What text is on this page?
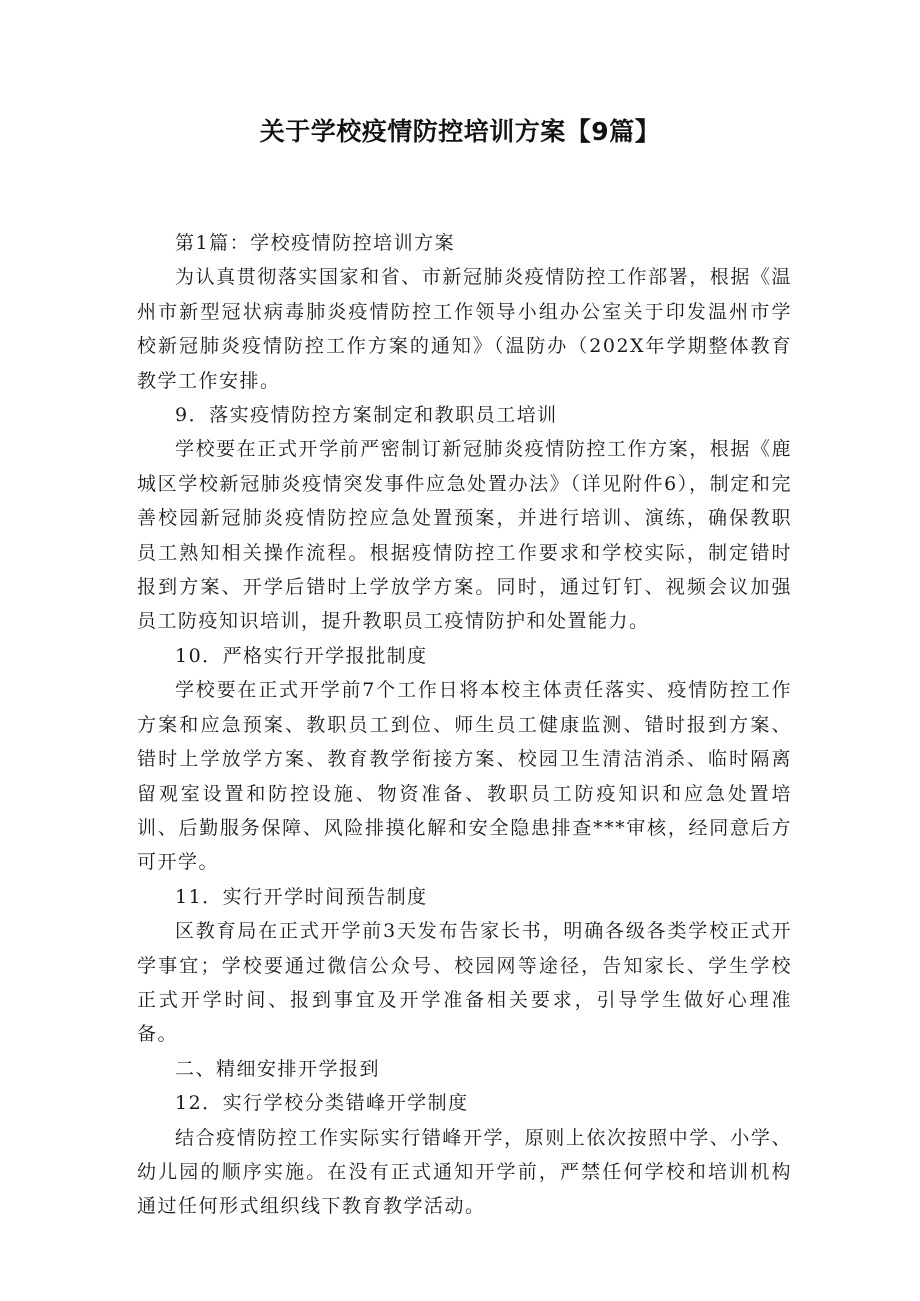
关于学校疫情防控培训方案【9篇】

第1篇：学校疫情防控培训方案

为认真贯彻落实国家和省、市新冠肺炎疫情防控工作部署，根据《温州市新型冠状病毒肺炎疫情防控工作领导小组办公室关于印发温州市学校新冠肺炎疫情防控工作方案的通知》（温防办（202X年学期整体教育教学工作安排。

9．落实疫情防控方案制定和教职员工培训

学校要在正式开学前严密制订新冠肺炎疫情防控工作方案，根据《鹿城区学校新冠肺炎疫情突发事件应急处置办法》（详见附件6），制定和完善校园新冠肺炎疫情防控应急处置预案，并进行培训、演练，确保教职员工熟知相关操作流程。根据疫情防控工作要求和学校实际，制定错时报到方案、开学后错时上学放学方案。同时，通过钉钉、视频会议加强员工防疫知识培训，提升教职员工疫情防护和处置能力。

10．严格实行开学报批制度

学校要在正式开学前7个工作日将本校主体责任落实、疫情防控工作方案和应急预案、教职员工到位、师生员工健康监测、错时报到方案、错时上学放学方案、教育教学衔接方案、校园卫生清洁消杀、临时隔离留观室设置和防控设施、物资准备、教职员工防疫知识和应急处置培训、后勤服务保障、风险排摸化解和安全隐患排查***审核，经同意后方可开学。

11．实行开学时间预告制度

区教育局在正式开学前3天发布告家长书，明确各级各类学校正式开学事宜；学校要通过微信公众号、校园网等途径，告知家长、学生学校正式开学时间、报到事宜及开学准备相关要求，引导学生做好心理准备。

二、精细安排开学报到

12．实行学校分类错峰开学制度

结合疫情防控工作实际实行错峰开学，原则上依次按照中学、小学、幼儿园的顺序实施。在没有正式通知开学前，严禁任何学校和培训机构通过任何形式组织线下教育教学活动。
